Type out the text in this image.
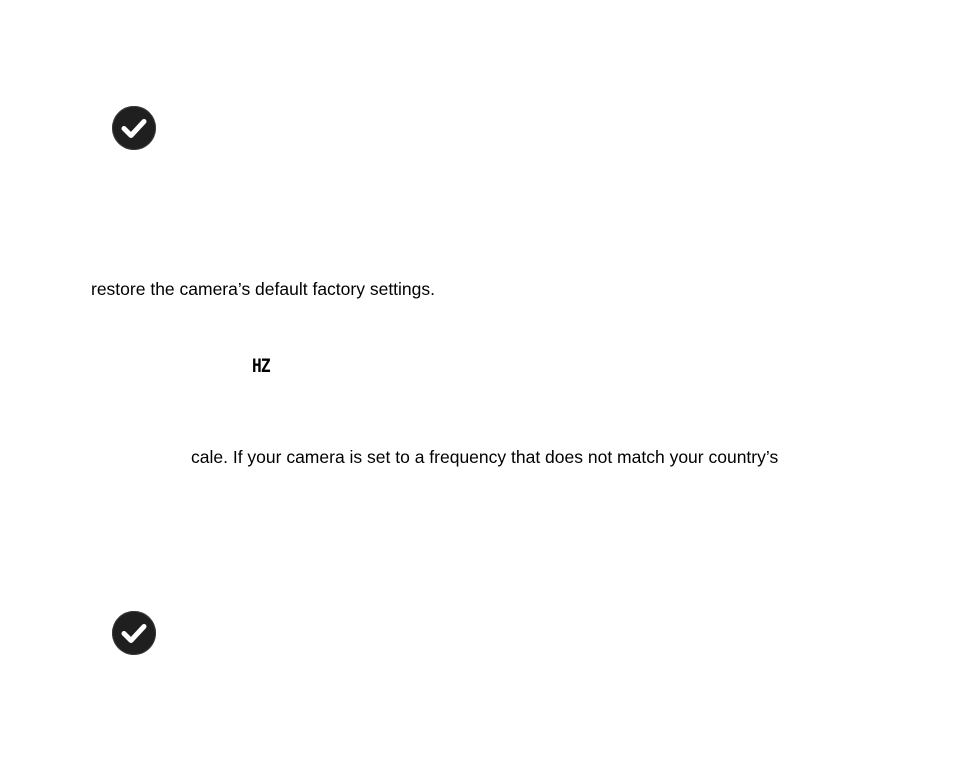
restore the camera’s default factory settings.
HZ
cale. If your camera is set to a frequency that does not match your country’s
